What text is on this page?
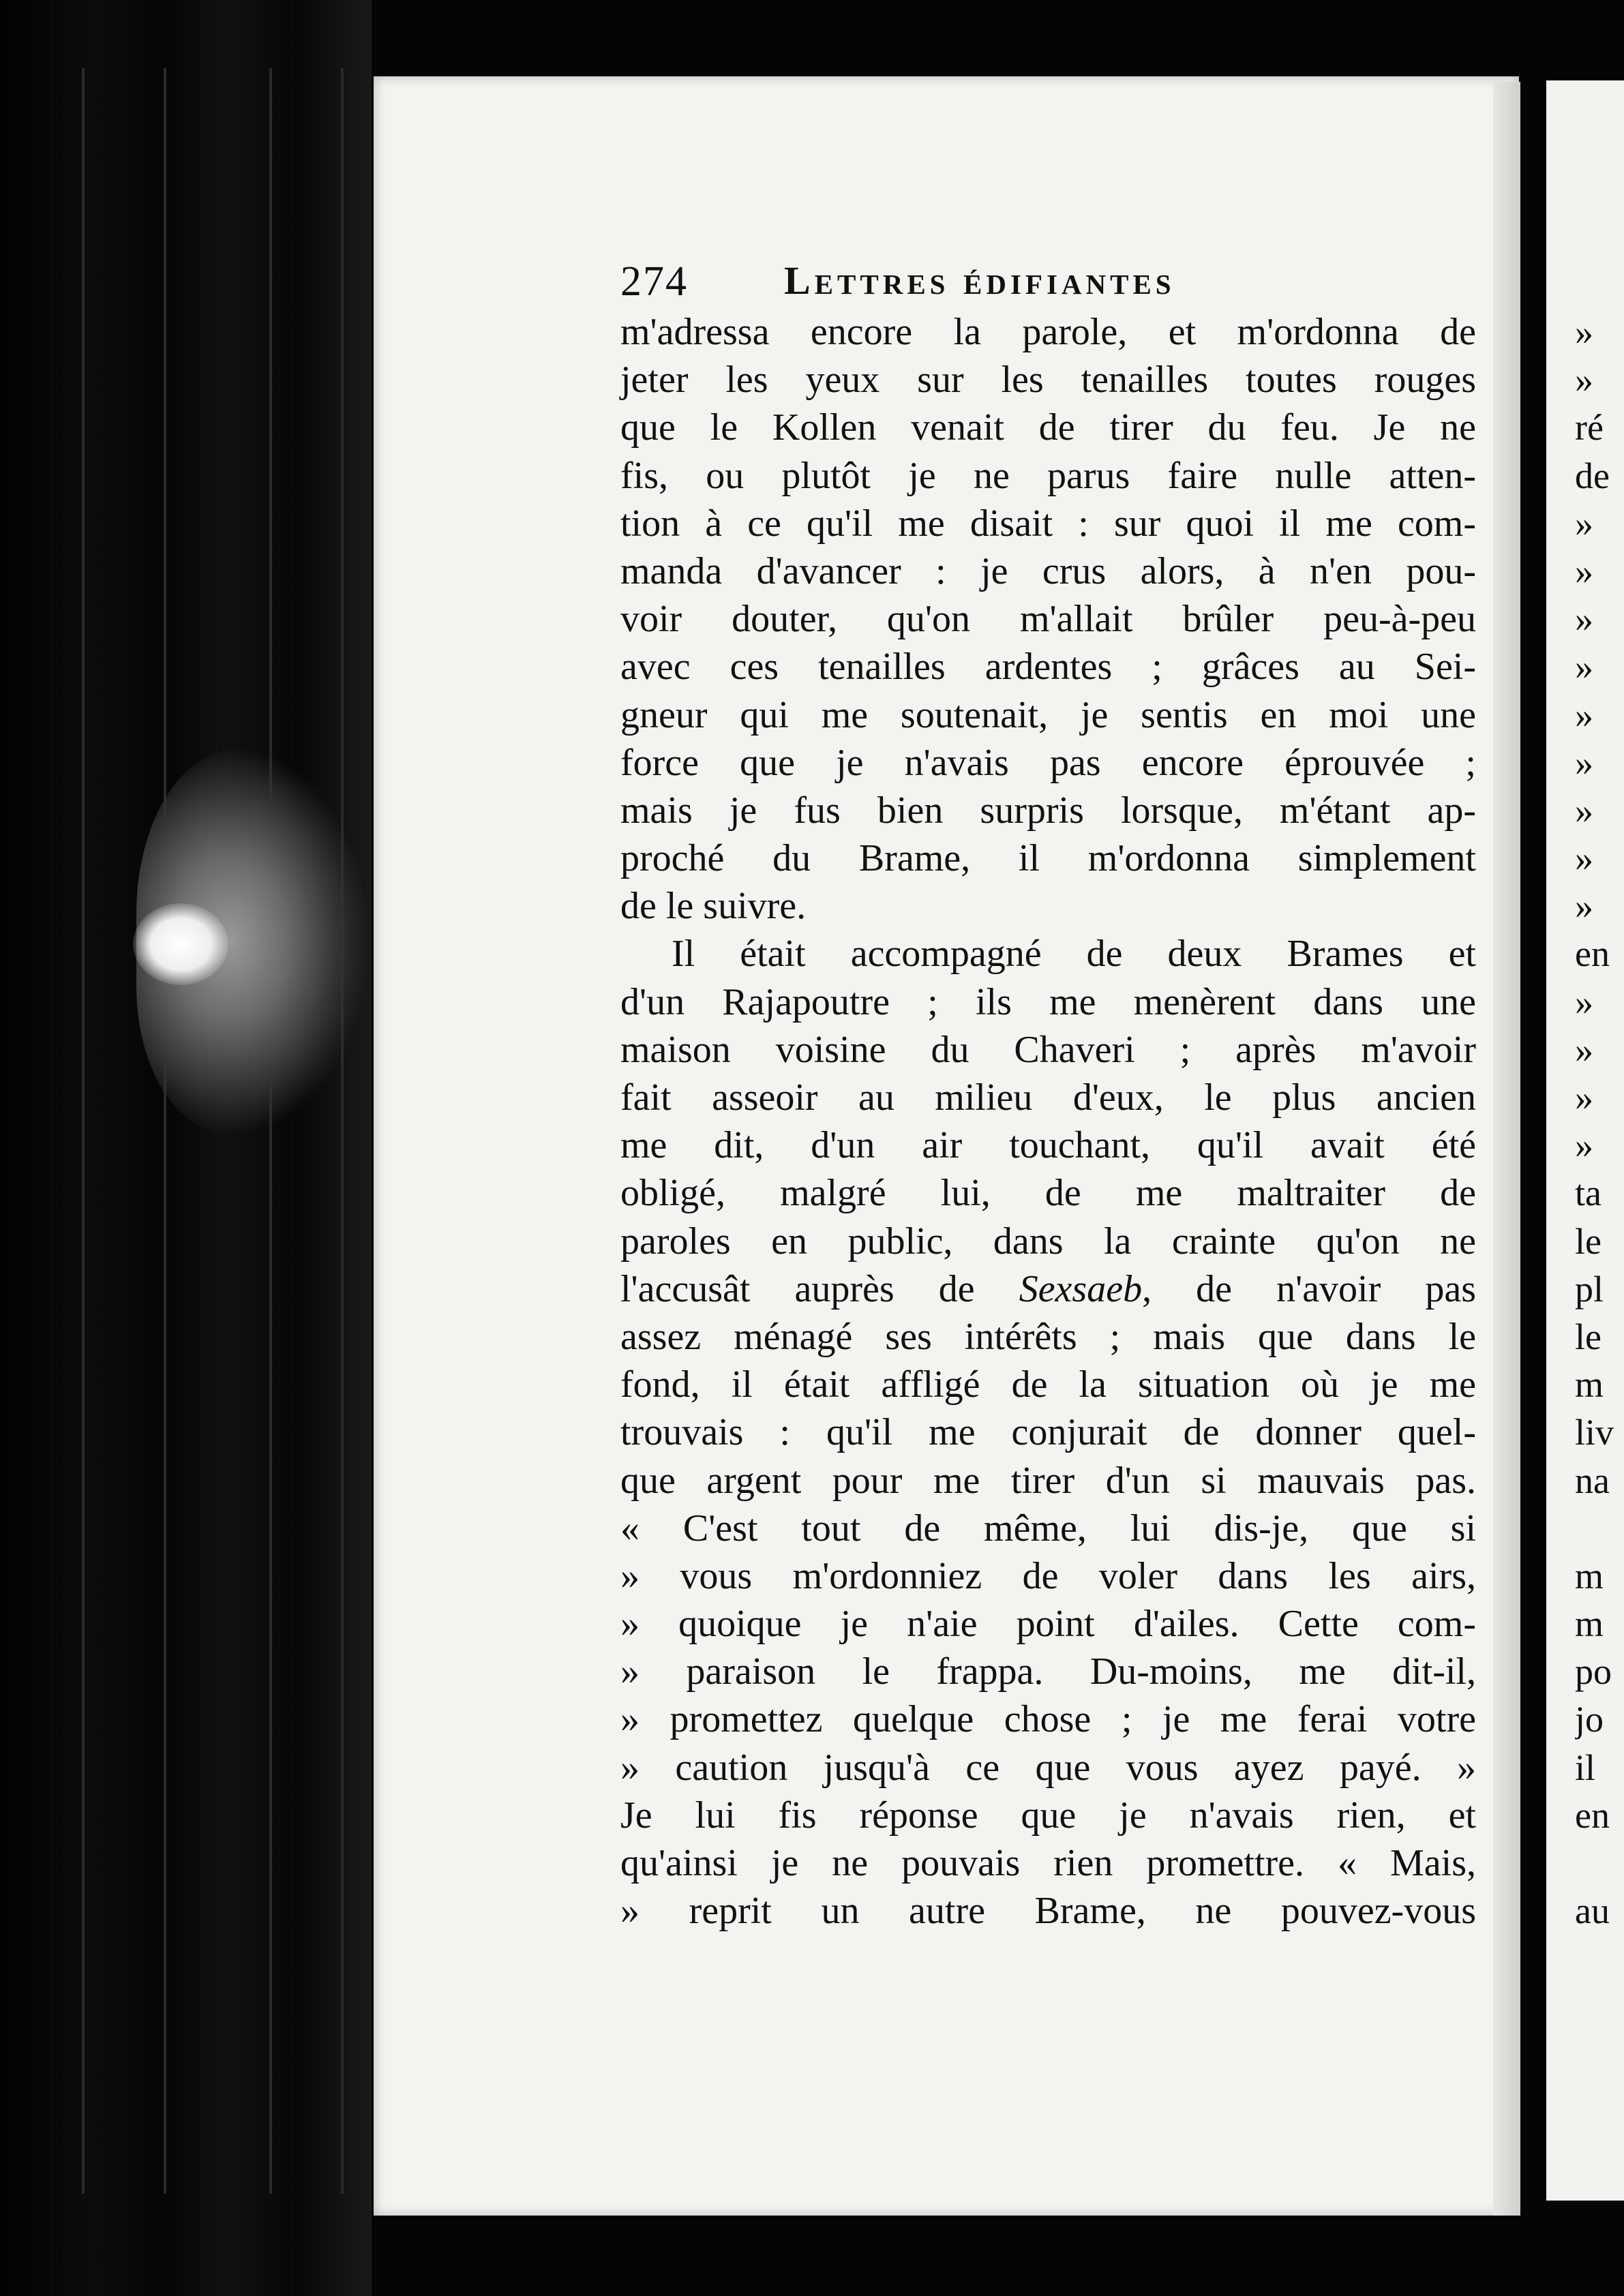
274 Lettres édifiantes
m'adressa encore la parole, et m'ordonna de
jeter les yeux sur les tenailles toutes rouges
que le Kollen venait de tirer du feu. Je ne
fis, ou plutôt je ne parus faire nulle atten-
tion à ce qu'il me disait : sur quoi il me com-
manda d'avancer : je crus alors, à n'en pou-
voir douter, qu'on m'allait brûler peu-à-peu
avec ces tenailles ardentes ; grâces au Sei-
gneur qui me soutenait, je sentis en moi une
force que je n'avais pas encore éprouvée ;
mais je fus bien surpris lorsque, m'étant ap-
proché du Brame, il m'ordonna simplement
de le suivre.
Il était accompagné de deux Brames et
d'un Rajapoutre ; ils me menèrent dans une
maison voisine du Chaveri ; après m'avoir
fait asseoir au milieu d'eux, le plus ancien
me dit, d'un air touchant, qu'il avait été
obligé, malgré lui, de me maltraiter de
paroles en public, dans la crainte qu'on ne
l'accusât auprès de Sexsaeb, de n'avoir pas
assez ménagé ses intérêts ; mais que dans le
fond, il était affligé de la situation où je me
trouvais : qu'il me conjurait de donner quel-
que argent pour me tirer d'un si mauvais pas.
« C'est tout de même, lui dis-je, que si
» vous m'ordonniez de voler dans les airs,
» quoique je n'aie point d'ailes. Cette com-
» paraison le frappa. Du-moins, me dit-il,
» promettez quelque chose ; je me ferai votre
» caution jusqu'à ce que vous ayez payé. »
Je lui fis réponse que je n'avais rien, et
qu'ainsi je ne pouvais rien promettre. « Mais,
» reprit un autre Brame, ne pouvez-vous
»
»
ré
de
»
»
»
»
»
»
»
»
»
en
»
»
»
»
ta
le
pl
le
m
liv
na

m
m
po
jo
il
en

au
